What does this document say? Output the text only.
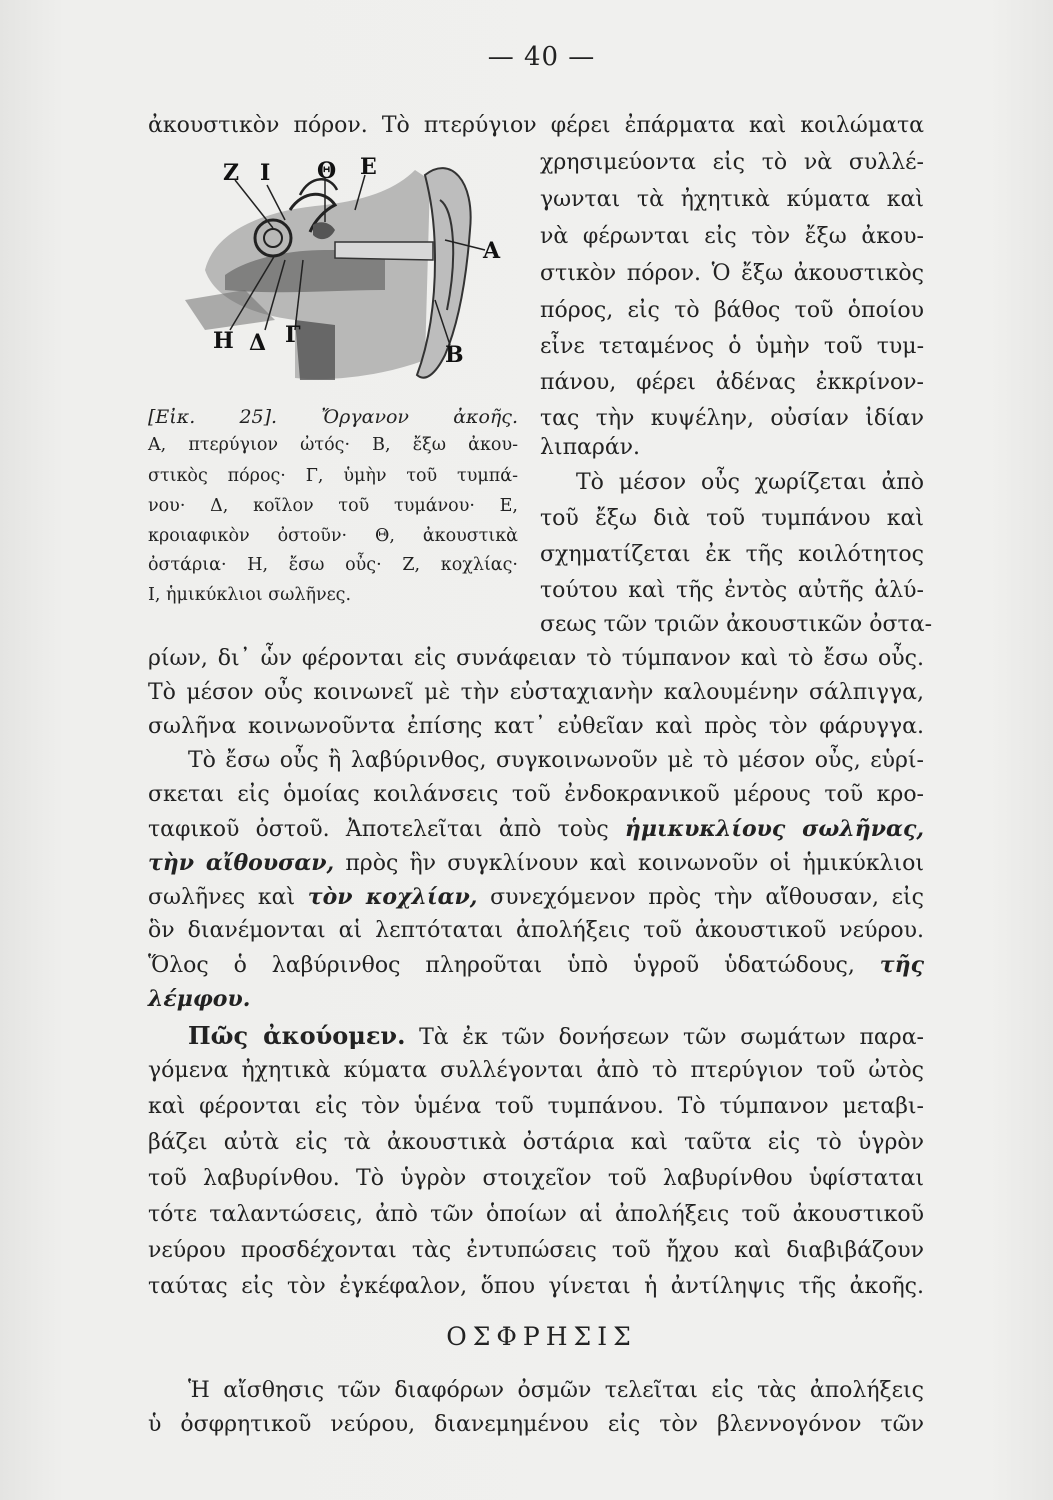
— 40 —
ἀκουστικὸν πόρον. Τὸ πτερύγιον φέρει ἐπάρματα καὶ κοιλώματα
Ζ Ι Θ Ε
Α
Η Δ Γ
Β
χρησιμεύοντα εἰς τὸ νὰ συλλέ-
γωνται τὰ ἠχητικὰ κύματα καὶ
νὰ φέρωνται εἰς τὸν ἔξω ἀκου-
στικὸν πόρον. Ὁ ἔξω ἀκουστικὸς
πόρος, εἰς τὸ βάθος τοῦ ὁποίου
εἶνε τεταμένος ὁ ὑμὴν τοῦ τυμ-
πάνου, φέρει ἀδένας ἐκκρίνον-
τας τὴν κυψέλην, οὐσίαν ἰδίαν
λιπαράν.
[Εἰκ. 25]. Ὄργανον ἀκοῆς.
Α, πτερύγιον ὠτός· Β, ἔξω ἀκου-
στικὸς πόρος· Γ, ὑμὴν τοῦ τυμπά-
νου· Δ, κοῖλον τοῦ τυμάνου· Ε,
κροιαφικὸν ὀστοῦν· Θ, ἀκουστικὰ
ὀστάρια· Η, ἔσω οὖς· Ζ, κοχλίας·
Ι, ἡμικύκλιοι σωλῆνες.
Τὸ μέσον οὖς χωρίζεται ἀπὸ
τοῦ ἔξω διὰ τοῦ τυμπάνου καὶ
σχηματίζεται ἐκ τῆς κοιλότητος
τούτου καὶ τῆς ἐντὸς αὐτῆς ἀλύ-
σεως τῶν τριῶν ἀκουστικῶν ὀστα-
ρίων, δι᾽ ὧν φέρονται εἰς συνάφειαν τὸ τύμπανον καὶ τὸ ἔσω οὖς.
Τὸ μέσον οὖς κοινωνεῖ μὲ τὴν εὐσταχιανὴν καλουμένην σάλπιγγα,
σωλῆνα κοινωνοῦντα ἐπίσης κατ᾽ εὐθεῖαν καὶ πρὸς τὸν φάρυγγα.
Τὸ ἔσω οὖς ἢ λαβύρινθος, συγκοινωνοῦν μὲ τὸ μέσον οὖς, εὑρί-
σκεται εἰς ὁμοίας κοιλάνσεις τοῦ ἐνδοκρανικοῦ μέρους τοῦ κρο-
ταφικοῦ ὀστοῦ. Ἀποτελεῖται ἀπὸ τοὺς ἡμικυκλίους σωλῆνας,
τὴν αἴθουσαν, πρὸς ἣν συγκλίνουν καὶ κοινωνοῦν οἱ ἡμικύκλιοι
σωλῆνες καὶ τὸν κοχλίαν, συνεχόμενον πρὸς τὴν αἴθουσαν, εἰς
ὃν διανέμονται αἱ λεπτόταται ἀπολήξεις τοῦ ἀκουστικοῦ νεύρου.
Ὅλος ὁ λαβύρινθος πληροῦται ὑπὸ ὑγροῦ ὑδατώδους, τῆς
λέμφου.
Πῶς ἀκούομεν. Τὰ ἐκ τῶν δονήσεων τῶν σωμάτων παρα-
γόμενα ἠχητικὰ κύματα συλλέγονται ἀπὸ τὸ πτερύγιον τοῦ ὠτὸς
καὶ φέρονται εἰς τὸν ὑμένα τοῦ τυμπάνου. Τὸ τύμπανον μεταβι-
βάζει αὐτὰ εἰς τὰ ἀκουστικὰ ὀστάρια καὶ ταῦτα εἰς τὸ ὑγρὸν
τοῦ λαβυρίνθου. Τὸ ὑγρὸν στοιχεῖον τοῦ λαβυρίνθου ὑφίσταται
τότε ταλαντώσεις, ἀπὸ τῶν ὁποίων αἱ ἀπολήξεις τοῦ ἀκουστικοῦ
νεύρου προσδέχονται τὰς ἐντυπώσεις τοῦ ἤχου καὶ διαβιβάζουν
ταύτας εἰς τὸν ἐγκέφαλον, ὅπου γίνεται ἡ ἀντίληψις τῆς ἀκοῆς.
ΟΣΦΡΗΣΙΣ
Ἡ αἴσθησις τῶν διαφόρων ὀσμῶν τελεῖται εἰς τὰς ἀπολήξεις
ὑ ὀσφρητικοῦ νεύρου, διανεμημένου εἰς τὸν βλεννογόνον τῶν
